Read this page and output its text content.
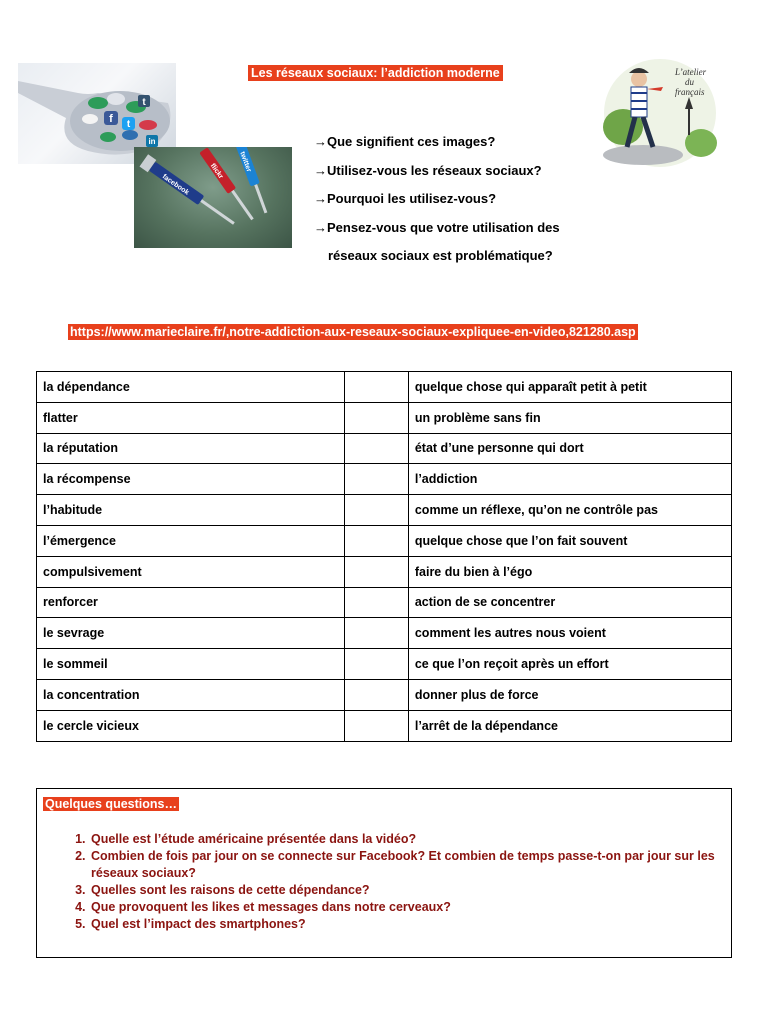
f t
t
in
facebook
flickr twitter
Les réseaux sociaux: l’addiction moderne	L’atelier
du
français
→Que signifient ces images?
→Utilisez-vous les réseaux sociaux?
→Pourquoi les utilisez-vous?
→Pensez-vous que votre utilisation des
réseaux sociaux est problématique?
https://www.marieclaire.fr/,notre-addiction-aux-reseaux-sociaux-expliquee-en-video,821280.asp
la dépendance		quelque chose qui apparaît petit à petit
flatter		un problème sans fin
la réputation		état d’une personne qui dort
la récompense		l’addiction
l’habitude		comme un réflexe, qu’on ne contrôle pas
l’émergence		quelque chose que l’on fait souvent
compulsivement		faire du bien à l’égo
renforcer		action de se concentrer
le sevrage		comment les autres nous voient
le sommeil		ce que l’on reçoit après un effort
la concentration		donner plus de force
le cercle vicieux		l’arrêt de la dépendance
Quelques questions…
1. Quelle est l’étude américaine présentée dans la vidéo?
2. Combien de fois par jour on se connecte sur Facebook? Et combien de temps passe-t-on par jour sur les réseaux sociaux?
3. Quelles sont les raisons de cette dépendance?
4. Que provoquent les likes et messages dans notre cerveaux?
5. Quel est l’impact des smartphones?
